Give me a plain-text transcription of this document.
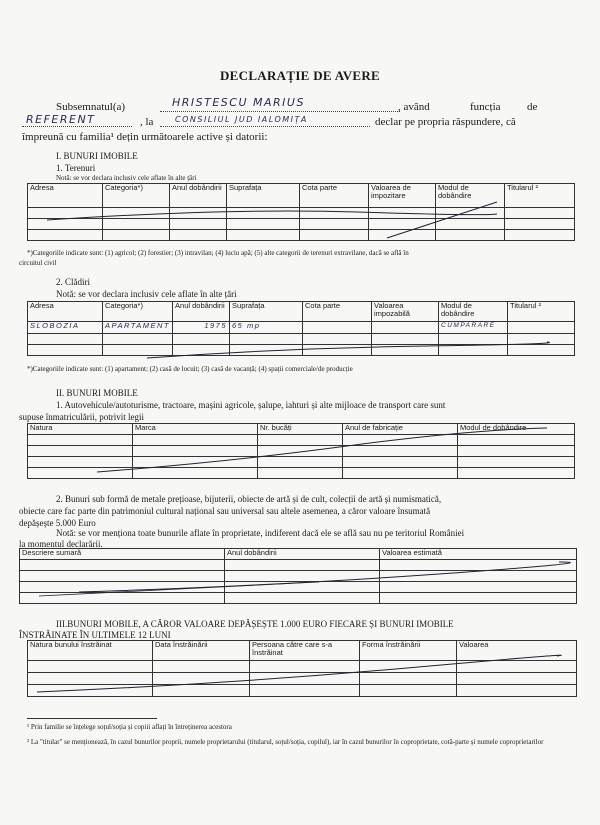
DECLARAȚIE DE AVERE
Subsemnatul(a)	HRISTESCU MARIUS	, având	funcția de
REFERENT	, la	CONSILIUL JUD IALOMIȚA	declar pe propria răspundere, că
împreună cu familia¹ dețin următoarele active și datorii:
I. BUNURI IMOBILE
1. Terenuri
Notă: se vor declara inclusiv cele aflate în alte țări
Adresa	Categoria*)	Anul dobândirii	Suprafața	Cota parte	Valoarea de impozitare	Modul de dobândire	Titularul ²

*)Categoriile indicate sunt: (1) agricol; (2) forestier; (3) intravilan; (4) luciu apă; (5) alte categorii de terenuri extravilane, dacă se află în
circuitul civil
2. Clădiri
Notă: se vor declara inclusiv cele aflate în alte țări
Adresa	Categoria*)	Anul dobândirii	Suprafața	Cota parte	Valoarea impozabilă	Modul de dobândire	Titularul ²
SLOBOZIA	APARTAMENT	1975	65 mp			CUMPARARE	

*)Categoriile indicate sunt: (1) apartament; (2) casă de locuit; (3) casă de vacanță; (4) spații comerciale/de producție
II. BUNURI MOBILE
1. Autovehicule/autoturisme, tractoare, mașini agricole, șalupe, iahturi și alte mijloace de transport care sunt
supuse înmatriculării, potrivit legii
Natura	Marca	Nr. bucăți	Anul de fabricație	Modul de dobândire

2. Bunuri sub formă de metale prețioase, bijuterii, obiecte de artă și de cult, colecții de artă și numismatică,
obiecte care fac parte din patrimoniul cultural național sau universal sau altele asemenea, a căror valoare însumată
depășește 5.000 Euro
Notă: se vor menționa toate bunurile aflate în proprietate, indiferent dacă ele se află sau nu pe teritoriul României
la momentul declarării.
Descriere sumară	Anul dobândirii	Valoarea estimată

III.BUNURI MOBILE, A CĂROR VALOARE DEPĂȘEȘTE 1.000 EURO FIECARE ȘI BUNURI IMOBILE
ÎNSTRĂINATE ÎN ULTIMELE 12 LUNI
Natura bunului înstrăinat	Data înstrăinării	Persoana către care s-a înstrăinat	Forma înstrăinării	Valoarea

¹ Prin familie se înțelege soțul/soția și copiii aflați în întreținerea acestora
² La "titular" se menționează, în cazul bunurilor proprii, numele proprietarului (titularul, soțul/soția, copilul), iar în cazul bunurilor în coproprietate, cotă-parte și numele coproprietarilor
